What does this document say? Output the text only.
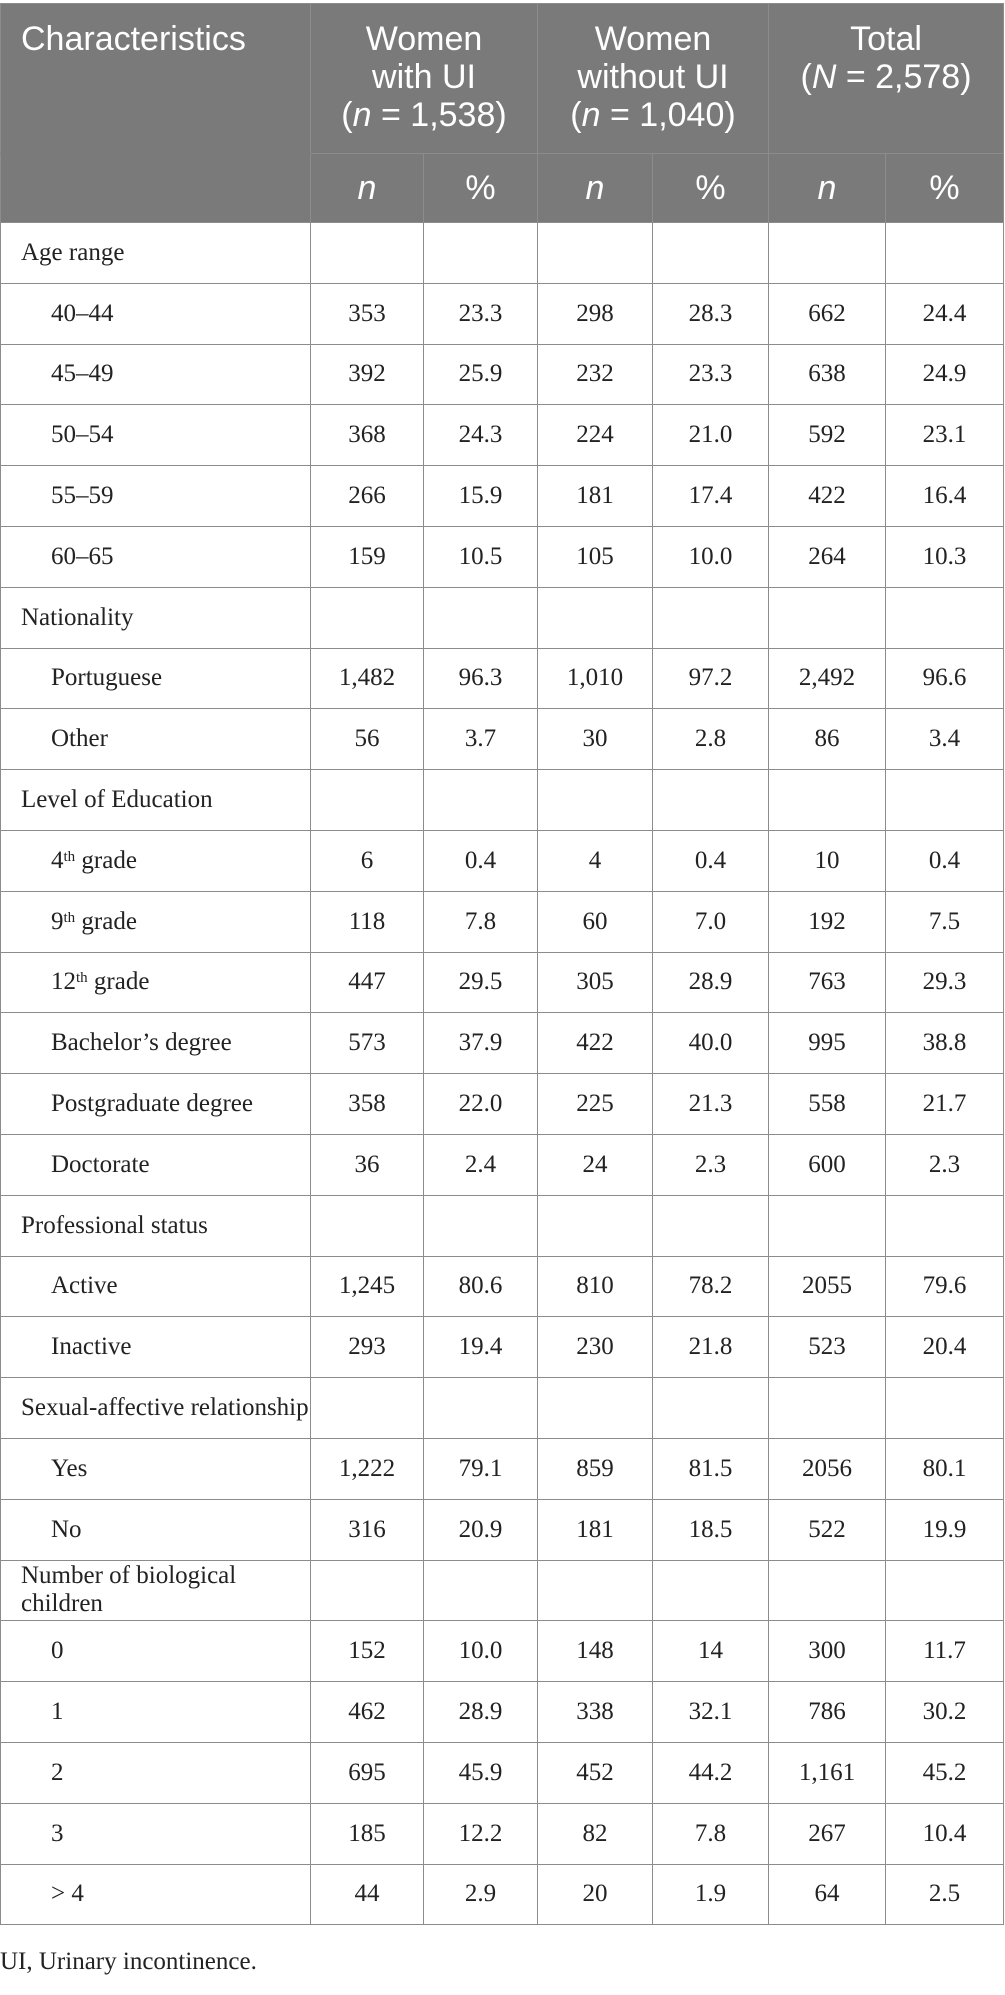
Characteristics	Women
with UI
(n = 1,538)		Women
without UI
(n = 1,040)		Total
(N = 2,578)	
	n	%	n	%	n	%
Age range						
40–44	353	23.3	298	28.3	662	24.4
45–49	392	25.9	232	23.3	638	24.9
50–54	368	24.3	224	21.0	592	23.1
55–59	266	15.9	181	17.4	422	16.4
60–65	159	10.5	105	10.0	264	10.3
Nationality						
Portuguese	1,482	96.3	1,010	97.2	2,492	96.6
Other	56	3.7	30	2.8	86	3.4
Level of Education						
4th grade	6	0.4	4	0.4	10	0.4
9th grade	118	7.8	60	7.0	192	7.5
12th grade	447	29.5	305	28.9	763	29.3
Bachelor’s degree	573	37.9	422	40.0	995	38.8
Postgraduate degree	358	22.0	225	21.3	558	21.7
Doctorate	36	2.4	24	2.3	600	2.3
Professional status						
Active	1,245	80.6	810	78.2	2055	79.6
Inactive	293	19.4	230	21.8	523	20.4
Sexual-affective relationship						
Yes	1,222	79.1	859	81.5	2056	80.1
No	316	20.9	181	18.5	522	19.9
Number of biological children						
0	152	10.0	148	14	300	11.7
1	462	28.9	338	32.1	786	30.2
2	695	45.9	452	44.2	1,161	45.2
3	185	12.2	82	7.8	267	10.4
> 4	44	2.9	20	1.9	64	2.5
UI, Urinary incontinence.
